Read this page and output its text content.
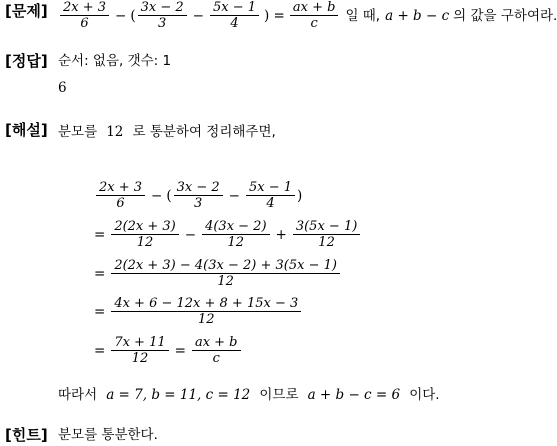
[문제] $\frac{2x + 3}{6}$ − ( $\frac{3x - 2}{3} - \frac{5x - 1}{4}$ ) = $\frac{ax + b}{c}$ 일 때, a + b − c 의 값을 구하여라.
[정답] 순서: 없음, 갯수: 1
6
[해설] 분모를 12 로 통분하여 정리해주면,
$\frac{2x + 3}{6}$ − ( $\frac{3x - 2}{3} - \frac{5x - 1}{4}$ )
= $\frac{2(2x + 3)}{12} - \frac{4(3x - 2)}{12} + \frac{3(5x - 1)}{12}$
= $\frac{2(2x + 3) - 4(3x - 2) + 3(5x - 1)}{12}$
= $\frac{4x + 6 - 12x + 8 + 15x - 3}{12}$
= $\frac{7x + 11}{12} = \frac{ax + b}{c}$
따라서 a = 7, b = 11, c = 12 이므로 a + b − c = 6 이다.
[힌트] 분모를 통분한다.
